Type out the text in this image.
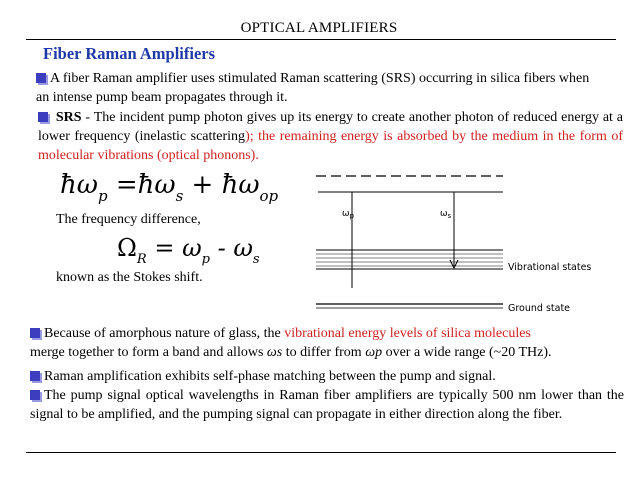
OPTICAL AMPLIFIERS
Fiber Raman Amplifiers
A fiber Raman amplifier uses stimulated Raman scattering (SRS) occurring in silica fibers when an intense pump beam propagates through it.
SRS - The incident pump photon gives up its energy to create another photon of reduced energy at a lower frequency (inelastic scattering); the remaining energy is absorbed by the medium in the form of molecular vibrations (optical phonons).
$ħ\omega_p$ $=ħ\omega_s$ + $ħ\omega_{op}$
The frequency difference,
$\Omega_R = \omega_p - \omega_s$
known as the Stokes shift.
$\omega_p$	$\omega_s$
Vibrational states
Ground state
Because of amorphous nature of glass, the vibrational energy levels of silica molecules
merge together to form a band and allows ωs to differ from ωp over a wide range (~20 THz).
Raman amplification exhibits self-phase matching between the pump and signal.
The pump signal optical wavelengths in Raman fiber amplifiers are typically 500 nm lower than the signal to be amplified, and the pumping signal can propagate in either direction along the fiber.
